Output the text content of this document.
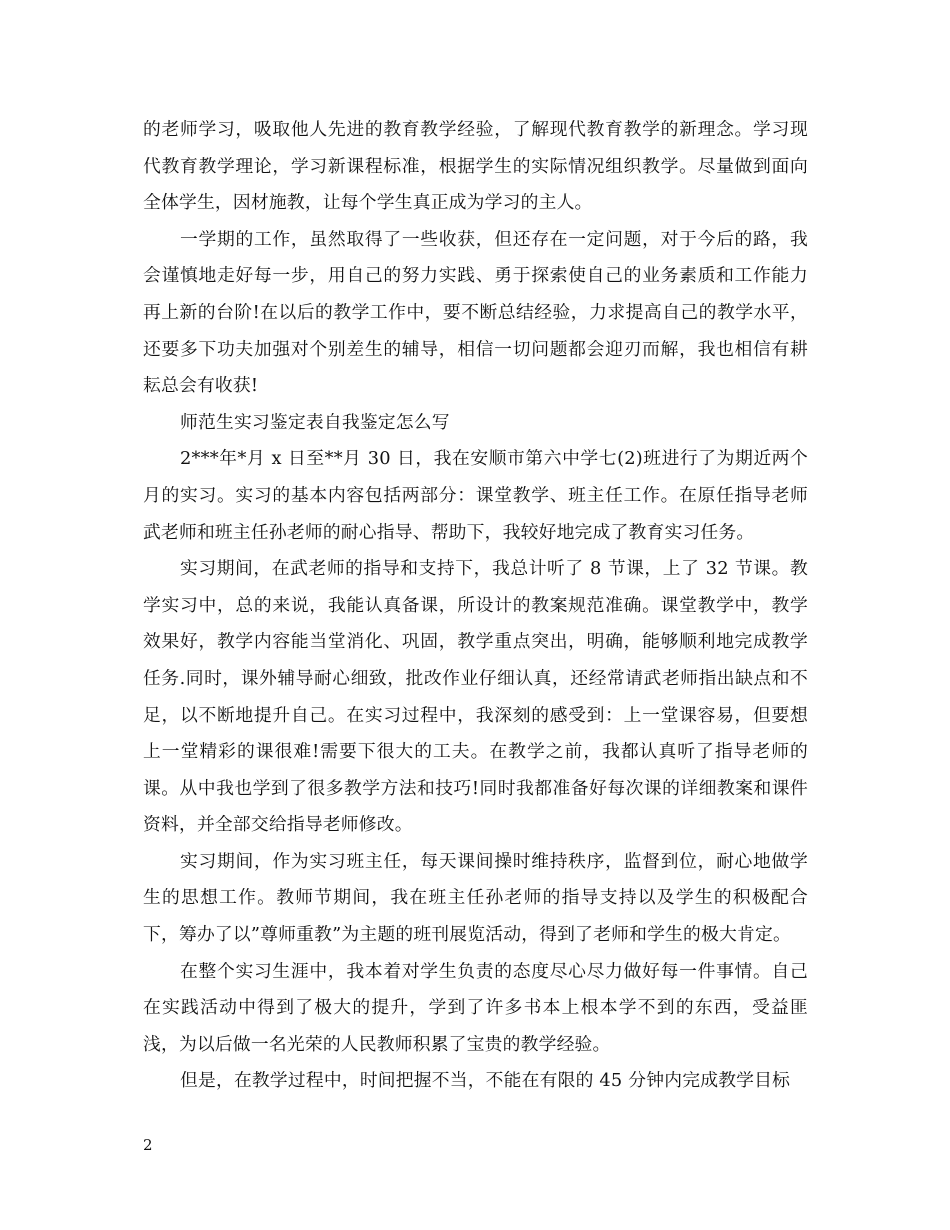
的老师学习，吸取他人先进的教育教学经验，了解现代教育教学的新理念。学习现代教育教学理论，学习新课程标准，根据学生的实际情况组织教学。尽量做到面向全体学生，因材施教，让每个学生真正成为学习的主人。

一学期的工作，虽然取得了一些收获，但还存在一定问题，对于今后的路，我会谨慎地走好每一步，用自己的努力实践、勇于探索使自己的业务素质和工作能力再上新的台阶!在以后的教学工作中，要不断总结经验，力求提高自己的教学水平，还要多下功夫加强对个别差生的辅导，相信一切问题都会迎刃而解，我也相信有耕耘总会有收获!

师范生实习鉴定表自我鉴定怎么写

2***年*月 x 日至**月 30 日，我在安顺市第六中学七(2)班进行了为期近两个月的实习。实习的基本内容包括两部分：课堂教学、班主任工作。在原任指导老师武老师和班主任孙老师的耐心指导、帮助下，我较好地完成了教育实习任务。

实习期间，在武老师的指导和支持下，我总计听了 8 节课，上了 32 节课。教学实习中，总的来说，我能认真备课，所设计的教案规范准确。课堂教学中，教学效果好，教学内容能当堂消化、巩固，教学重点突出，明确，能够顺利地完成教学任务.同时，课外辅导耐心细致，批改作业仔细认真，还经常请武老师指出缺点和不足，以不断地提升自己。在实习过程中，我深刻的感受到：上一堂课容易，但要想上一堂精彩的课很难!需要下很大的工夫。在教学之前，我都认真听了指导老师的课。从中我也学到了很多教学方法和技巧!同时我都准备好每次课的详细教案和课件资料，并全部交给指导老师修改。

实习期间，作为实习班主任，每天课间操时维持秩序，监督到位，耐心地做学生的思想工作。教师节期间，我在班主任孙老师的指导支持以及学生的积极配合下，筹办了以”尊师重教”为主题的班刊展览活动，得到了老师和学生的极大肯定。

在整个实习生涯中，我本着对学生负责的态度尽心尽力做好每一件事情。自己在实践活动中得到了极大的提升，学到了许多书本上根本学不到的东西，受益匪浅，为以后做一名光荣的人民教师积累了宝贵的教学经验。

但是，在教学过程中，时间把握不当，不能在有限的 45 分钟内完成教学目标

2
